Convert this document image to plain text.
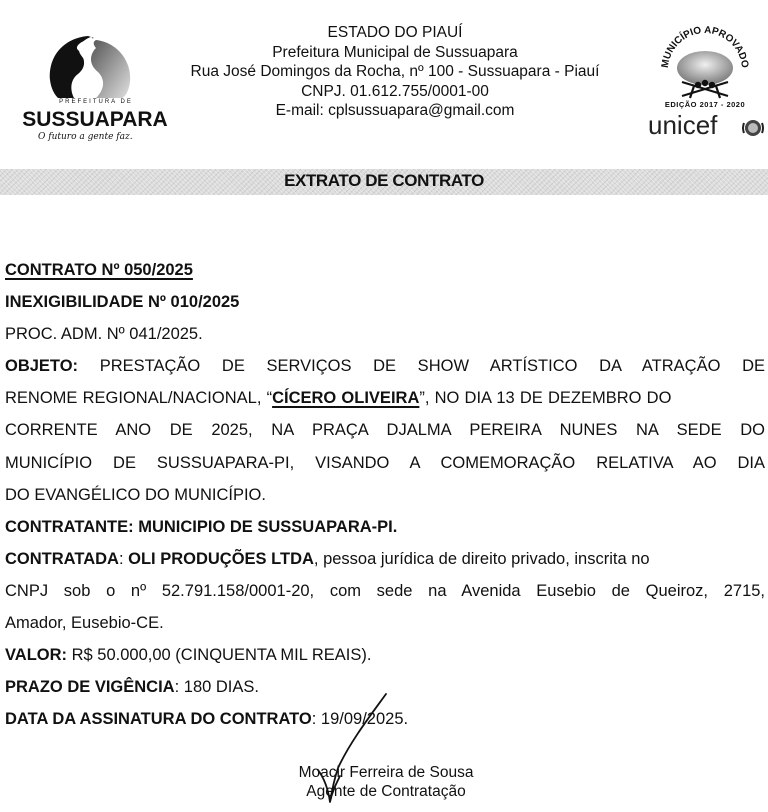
PREFEITURA DE
SUSSUAPARA
O futuro a gente faz.
ESTADO DO PIAUÍ
Prefeitura Municipal de Sussuapara
Rua José Domingos da Rocha, nº 100 - Sussuapara - Piauí
CNPJ. 01.612.755/0001-00
E-mail: cplsussuapara@gmail.com
MUNICÍPIO APROVADO
EDIÇÃO 2017 - 2020
unicef
EXTRATO DE CONTRATO
CONTRATO Nº 050/2025
INEXIGIBILIDADE Nº 010/2025
PROC. ADM. Nº 041/2025.
OBJETO: PRESTAÇÃO DE SERVIÇOS DE SHOW ARTÍSTICO DA ATRAÇÃO DE
RENOME REGIONAL/NACIONAL, “CÍCERO OLIVEIRA”, NO DIA 13 DE DEZEMBRO DO
CORRENTE ANO DE 2025, NA PRAÇA DJALMA PEREIRA NUNES NA SEDE DO
MUNICÍPIO DE SUSSUAPARA-PI, VISANDO A COMEMORAÇÃO RELATIVA AO DIA
DO EVANGÉLICO DO MUNICÍPIO.
CONTRATANTE: MUNICIPIO DE SUSSUAPARA-PI.
CONTRATADA: OLI PRODUÇÕES LTDA, pessoa jurídica de direito privado, inscrita no
CNPJ sob o nº 52.791.158/0001-20, com sede na Avenida Eusebio de Queiroz, 2715,
Amador, Eusebio-CE.
VALOR: R$ 50.000,00 (CINQUENTA MIL REAIS).
PRAZO DE VIGÊNCIA: 180 DIAS.
DATA DA ASSINATURA DO CONTRATO: 19/09/2025.
Moacir Ferreira de Sousa
Agente de Contratação
